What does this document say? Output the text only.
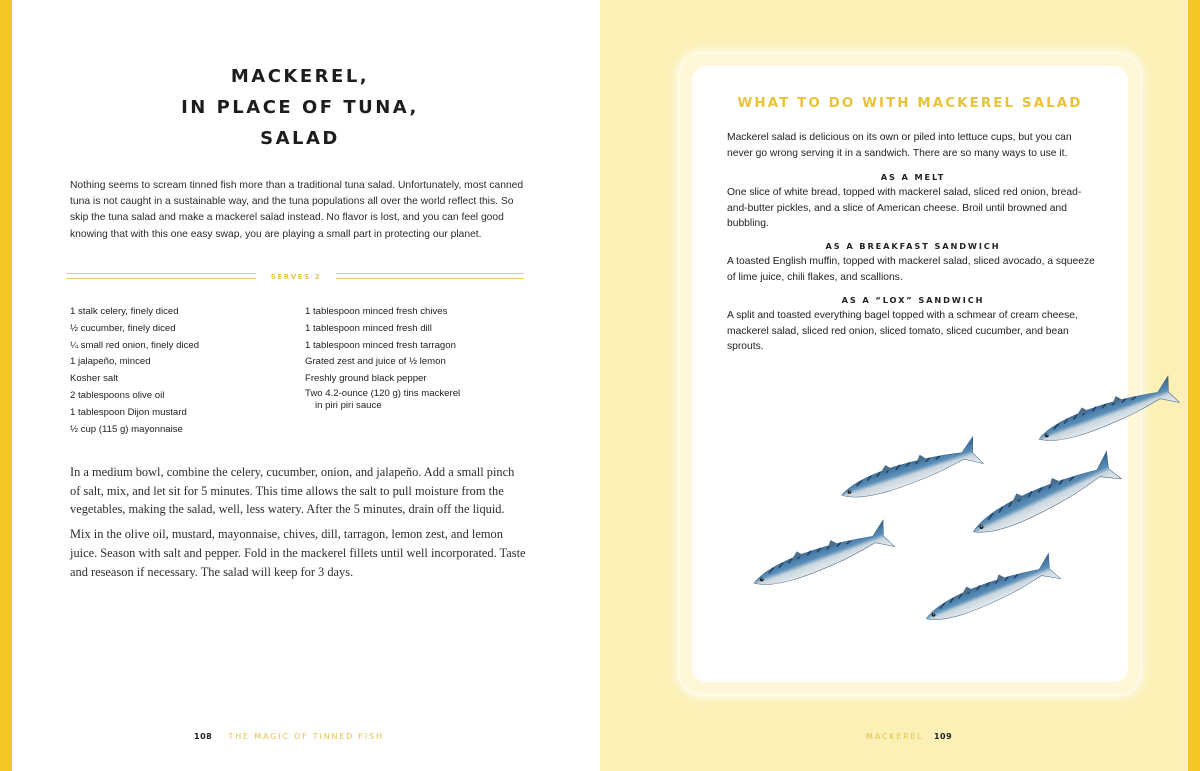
MACKEREL,
IN PLACE OF TUNA,
SALAD

Nothing seems to scream tinned fish more than a traditional tuna salad. Unfortunately, most canned tuna is not caught in a sustainable way, and the tuna populations all over the world reflect this. So skip the tuna salad and make a mackerel salad instead. No flavor is lost, and you can feel good knowing that with this one easy swap, you are playing a small part in protecting our planet.

SERVES 2
1 stalk celery, finely diced
½ cucumber, finely diced
¼ small red onion, finely diced
1 jalapeño, minced
Kosher salt
2 tablespoons olive oil
1 tablespoon Dijon mustard
½ cup (115 g) mayonnaise
1 tablespoon minced fresh chives
1 tablespoon minced fresh dill
1 tablespoon minced fresh tarragon
Grated zest and juice of ½ lemon
Freshly ground black pepper
Two 4.2-ounce (120 g) tins mackerel
in piri piri sauce

In a medium bowl, combine the celery, cucumber, onion, and jalapeño. Add a small pinch of salt, mix, and let sit for 5 minutes. This time allows the salt to pull moisture from the vegetables, making the salad, well, less watery. After the 5 minutes, drain off the liquid.

Mix in the olive oil, mustard, mayonnaise, chives, dill, tarragon, lemon zest, and lemon juice. Season with salt and pepper. Fold in the mackerel fillets until well incorporated. Taste and reseason if necessary. The salad will keep for 3 days.

108 THE MAGIC OF TINNED FISH
WHAT TO DO WITH MACKEREL SALAD

Mackerel salad is delicious on its own or piled into lettuce cups, but you can never go wrong serving it in a sandwich. There are so many ways to use it.

AS A MELT

One slice of white bread, topped with mackerel salad, sliced red onion, bread-and-butter pickles, and a slice of American cheese. Broil until browned and bubbling.

AS A BREAKFAST SANDWICH

A toasted English muffin, topped with mackerel salad, sliced avocado, a squeeze of lime juice, chili flakes, and scallions.

AS A “LOX” SANDWICH

A split and toasted everything bagel topped with a schmear of cream cheese, mackerel salad, sliced red onion, sliced tomato, sliced cucumber, and bean sprouts.

MACKEREL 109
